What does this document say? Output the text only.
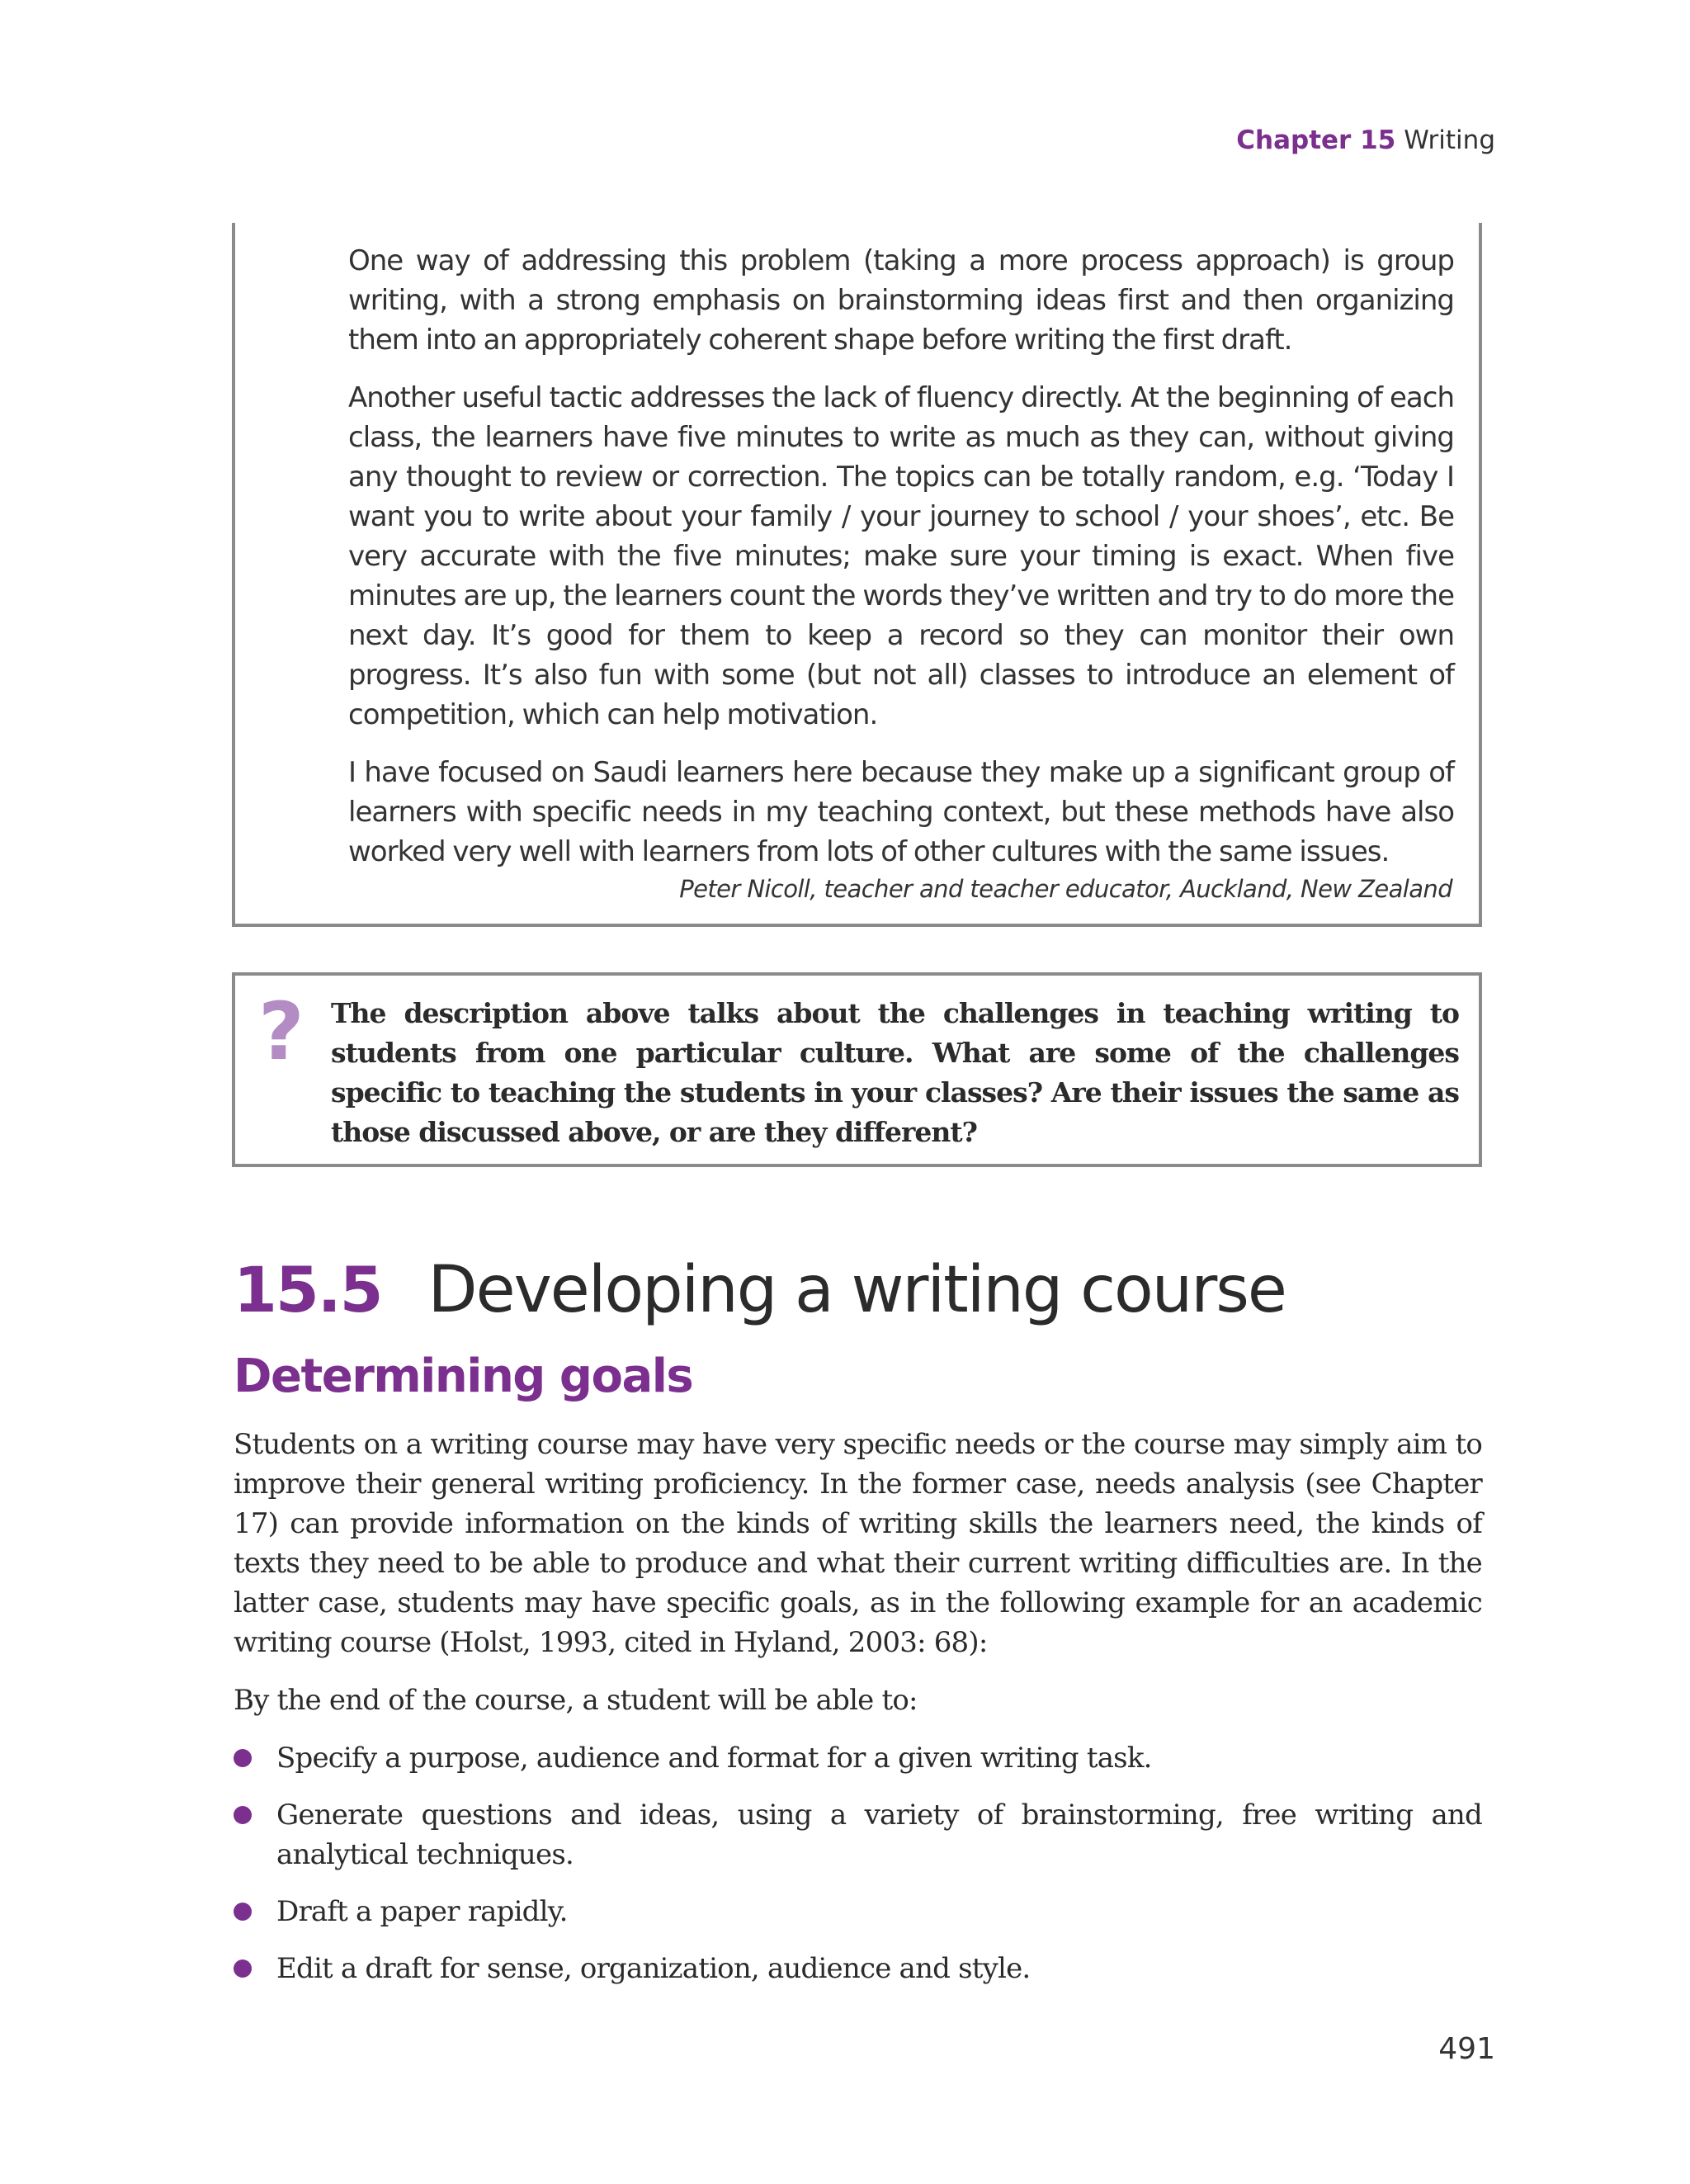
Chapter 15 Writing

One way of addressing this problem (taking a more process approach) is group writing, with a strong emphasis on brainstorming ideas first and then organizing them into an appropriately coherent shape before writing the first draft.

Another useful tactic addresses the lack of fluency directly. At the beginning of each class, the learners have five minutes to write as much as they can, without giving any thought to review or correction. The topics can be totally random, e.g. ‘Today I want you to write about your family / your journey to school / your shoes’, etc. Be very accurate with the five minutes; make sure your timing is exact. When five minutes are up, the learners count the words they’ve written and try to do more the next day. It’s good for them to keep a record so they can monitor their own progress. It’s also fun with some (but not all) classes to introduce an element of competition, which can help motivation.

I have focused on Saudi learners here because they make up a significant group of learners with specific needs in my teaching context, but these methods have also worked very well with learners from lots of other cultures with the same issues.

Peter Nicoll, teacher and teacher educator, Auckland, New Zealand
? The description above talks about the challenges in teaching writing to students from one particular culture. What are some of the challenges specific to teaching the students in your classes? Are their issues the same as those discussed above, or are they different?
15.5 Developing a writing course
Determining goals

Students on a writing course may have very specific needs or the course may simply aim to improve their general writing proficiency. In the former case, needs analysis (see Chapter 17) can provide information on the kinds of writing skills the learners need, the kinds of texts they need to be able to produce and what their current writing difficulties are. In the latter case, students may have specific goals, as in the following example for an academic writing course (Holst, 1993, cited in Hyland, 2003: 68):

By the end of the course, a student will be able to:

Specify a purpose, audience and format for a given writing task.
Generate questions and ideas, using a variety of brainstorming, free writing and analytical techniques.
Draft a paper rapidly.
Edit a draft for sense, organization, audience and style.
491
